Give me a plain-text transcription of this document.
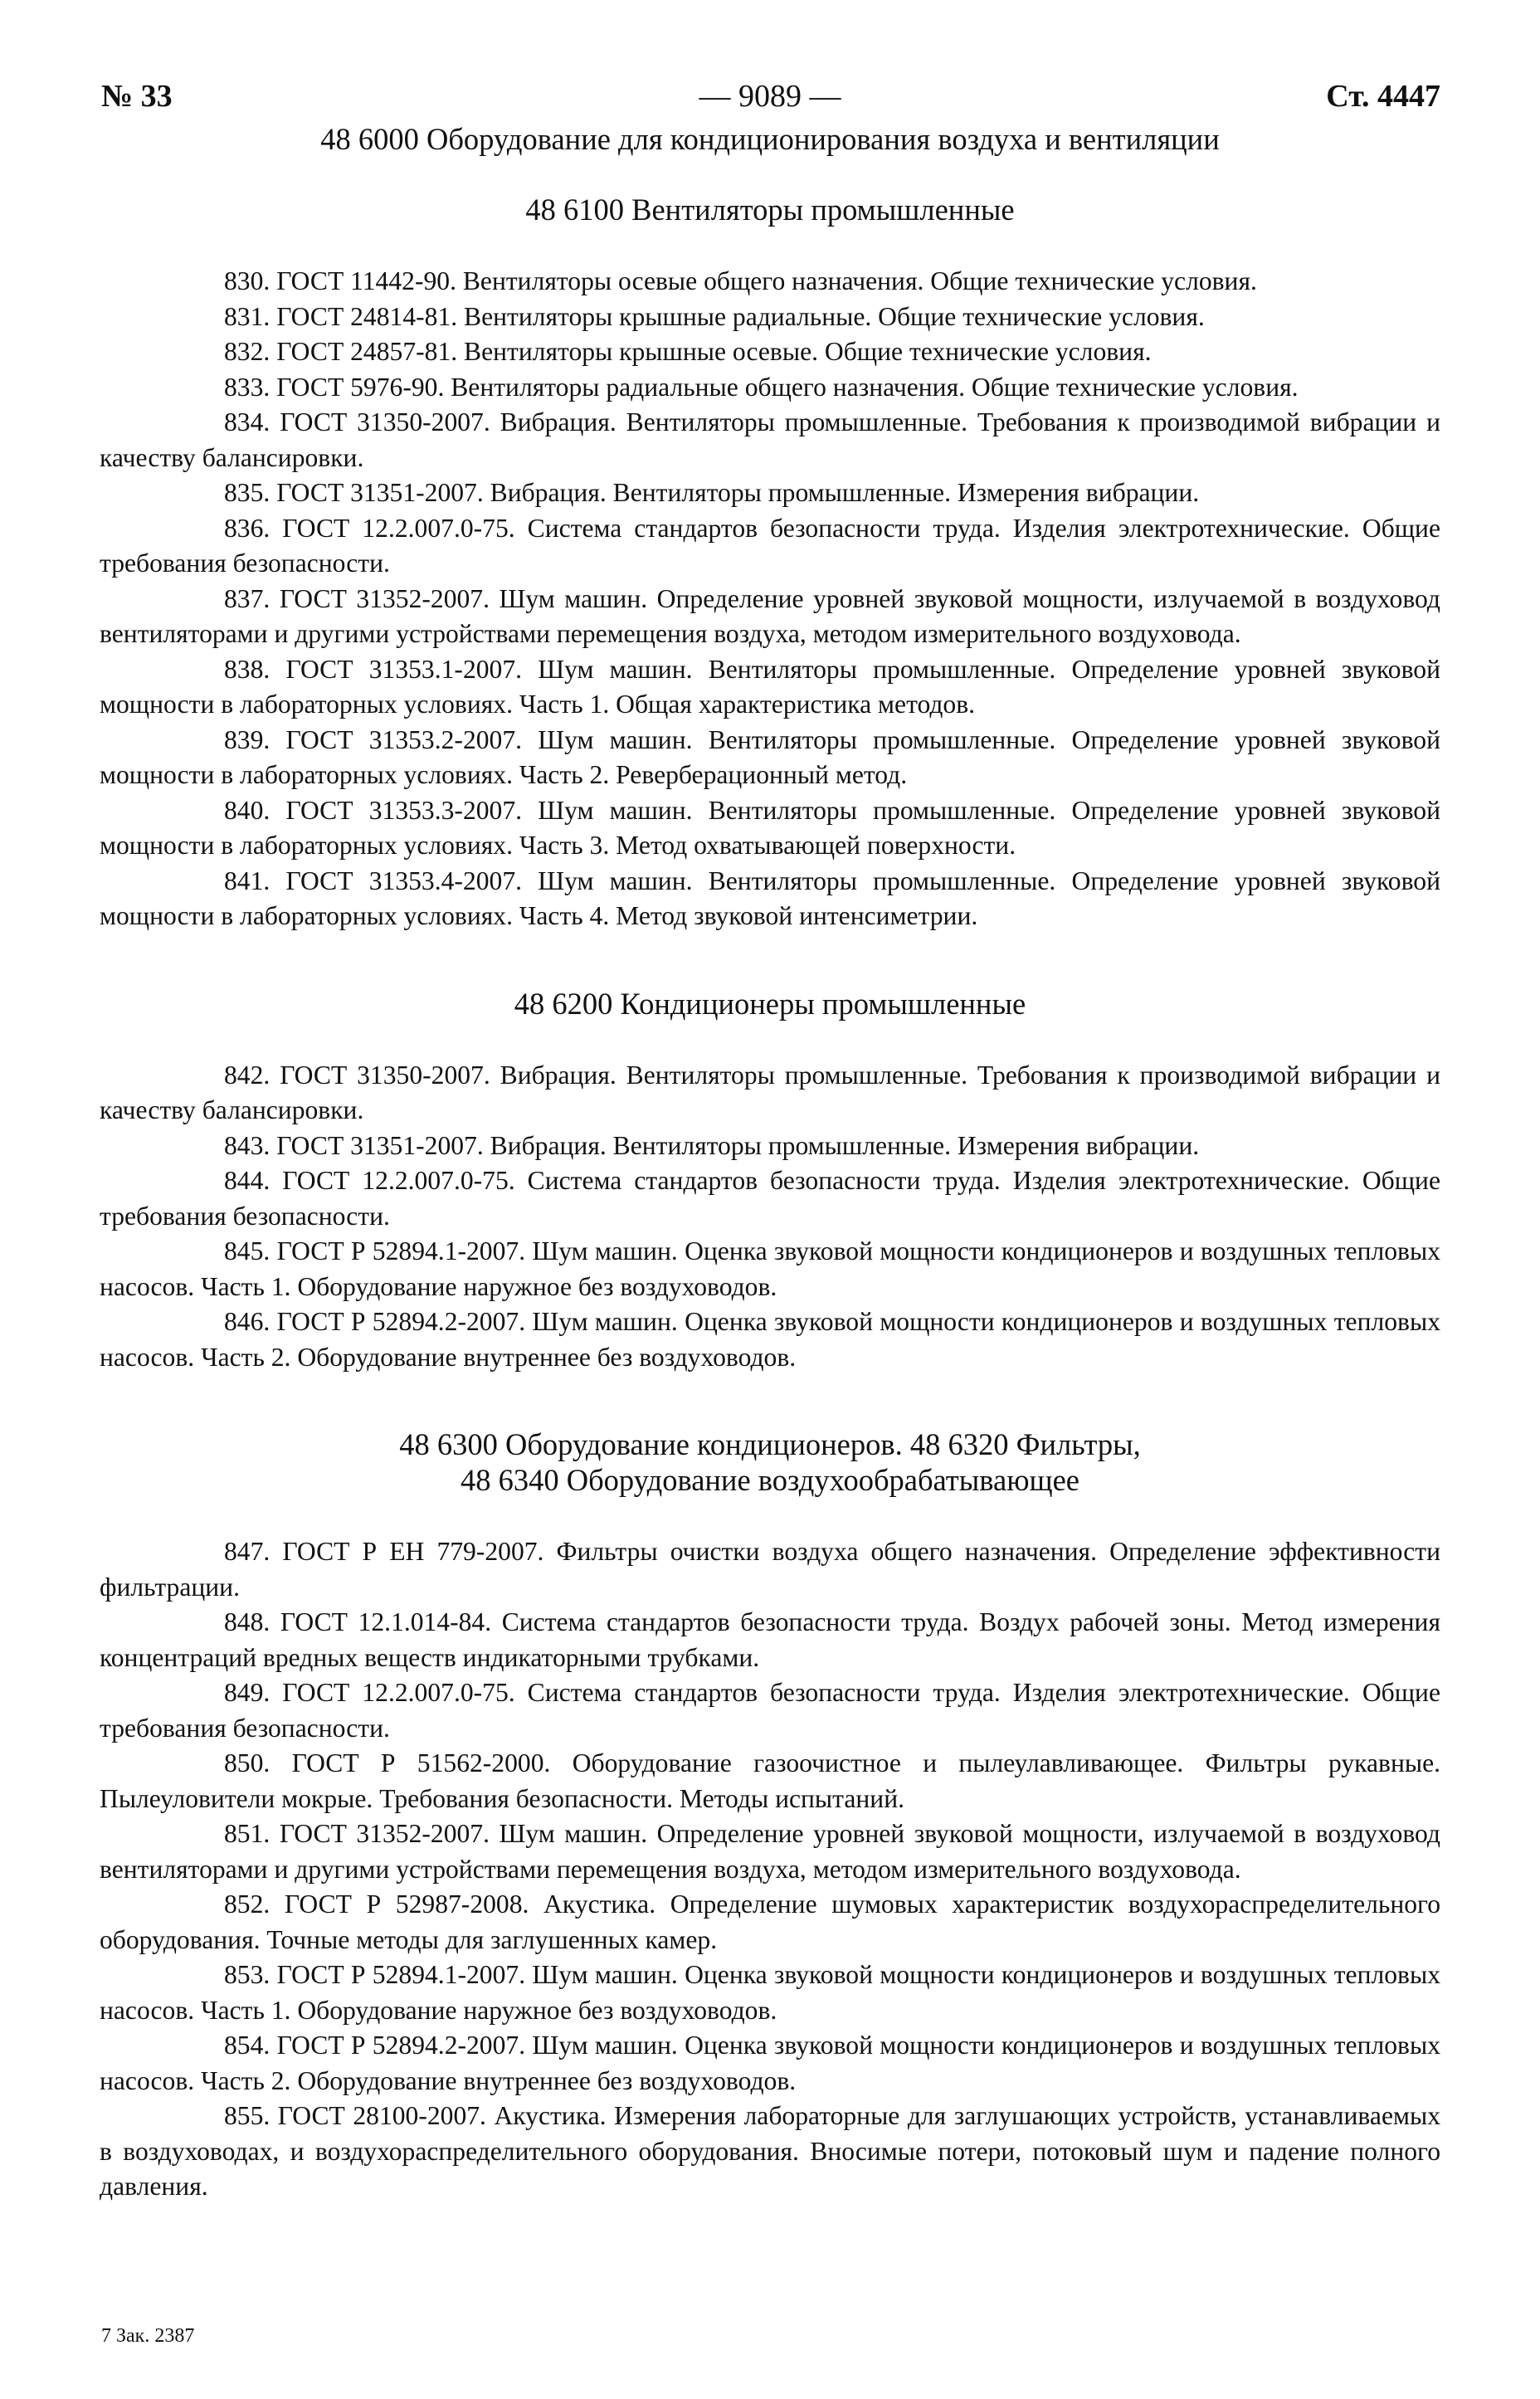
№ 33	— 9089 —	Ст. 4447
48 6000 Оборудование для кондиционирования воздуха и вентиляции
48 6100 Вентиляторы промышленные

830. ГОСТ 11442-90. Вентиляторы осевые общего назначения. Общие технические условия.

831. ГОСТ 24814-81. Вентиляторы крышные радиальные. Общие технические условия.

832. ГОСТ 24857-81. Вентиляторы крышные осевые. Общие технические условия.

833. ГОСТ 5976-90. Вентиляторы радиальные общего назначения. Общие технические условия.

834. ГОСТ 31350-2007. Вибрация. Вентиляторы промышленные. Требования к производимой вибрации и качеству балансировки.

835. ГОСТ 31351-2007. Вибрация. Вентиляторы промышленные. Измерения вибрации.

836. ГОСТ 12.2.007.0-75. Система стандартов безопасности труда. Изделия электротехнические. Общие требования безопасности.

837. ГОСТ 31352-2007. Шум машин. Определение уровней звуковой мощности, излучаемой в воздуховод вентиляторами и другими устройствами перемещения воздуха, методом измерительного воздуховода.

838. ГОСТ 31353.1-2007. Шум машин. Вентиляторы промышленные. Определение уровней звуковой мощности в лабораторных условиях. Часть 1. Общая характеристика методов.

839. ГОСТ 31353.2-2007. Шум машин. Вентиляторы промышленные. Определение уровней звуковой мощности в лабораторных условиях. Часть 2. Реверберационный метод.

840. ГОСТ 31353.3-2007. Шум машин. Вентиляторы промышленные. Определение уровней звуковой мощности в лабораторных условиях. Часть 3. Метод охватывающей поверхности.

841. ГОСТ 31353.4-2007. Шум машин. Вентиляторы промышленные. Определение уровней звуковой мощности в лабораторных условиях. Часть 4. Метод звуковой интенсиметрии.

48 6200 Кондиционеры промышленные

842. ГОСТ 31350-2007. Вибрация. Вентиляторы промышленные. Требования к производимой вибрации и качеству балансировки.

843. ГОСТ 31351-2007. Вибрация. Вентиляторы промышленные. Измерения вибрации.

844. ГОСТ 12.2.007.0-75. Система стандартов безопасности труда. Изделия электротехнические. Общие требования безопасности.

845. ГОСТ Р 52894.1-2007. Шум машин. Оценка звуковой мощности кондиционеров и воздушных тепловых насосов. Часть 1. Оборудование наружное без воздуховодов.

846. ГОСТ Р 52894.2-2007. Шум машин. Оценка звуковой мощности кондиционеров и воздушных тепловых насосов. Часть 2. Оборудование внутреннее без воздуховодов.

48 6300 Оборудование кондиционеров. 48 6320 Фильтры,
48 6340 Оборудование воздухообрабатывающее

847. ГОСТ Р ЕН 779-2007. Фильтры очистки воздуха общего назначения. Определение эффективности фильтрации.

848. ГОСТ 12.1.014-84. Система стандартов безопасности труда. Воздух рабочей зоны. Метод измерения концентраций вредных веществ индикаторными трубками.

849. ГОСТ 12.2.007.0-75. Система стандартов безопасности труда. Изделия электротехнические. Общие требования безопасности.

850. ГОСТ Р 51562-2000. Оборудование газоочистное и пылеулавливающее. Фильтры рукавные. Пылеуловители мокрые. Требования безопасности. Методы испытаний.

851. ГОСТ 31352-2007. Шум машин. Определение уровней звуковой мощности, излучаемой в воздуховод вентиляторами и другими устройствами перемещения воздуха, методом измерительного воздуховода.

852. ГОСТ Р 52987-2008. Акустика. Определение шумовых характеристик воздухораспределительного оборудования. Точные методы для заглушенных камер.

853. ГОСТ Р 52894.1-2007. Шум машин. Оценка звуковой мощности кондиционеров и воздушных тепловых насосов. Часть 1. Оборудование наружное без воздуховодов.

854. ГОСТ Р 52894.2-2007. Шум машин. Оценка звуковой мощности кондиционеров и воздушных тепловых насосов. Часть 2. Оборудование внутреннее без воздуховодов.

855. ГОСТ 28100-2007. Акустика. Измерения лабораторные для заглушающих устройств, устанавливаемых в воздуховодах, и воздухораспределительного оборудования. Вносимые потери, потоковый шум и падение полного давления.

7 Зак. 2387
